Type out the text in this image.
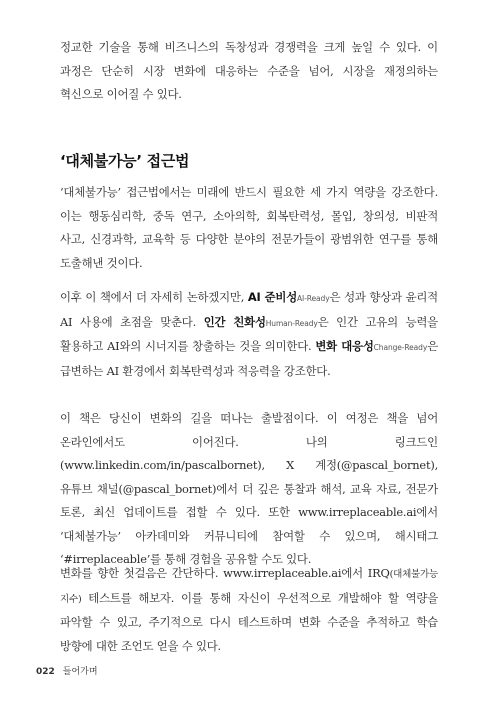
정교한 기술을 통해 비즈니스의 독창성과 경쟁력을 크게 높일 수 있다. 이 과정은 단순히 시장 변화에 대응하는 수준을 넘어, 시장을 재정의하는 혁신으로 이어질 수 있다.

‘대체불가능’ 접근법

‘대체불가능’ 접근법에서는 미래에 반드시 필요한 세 가지 역량을 강조한다. 이는 행동심리학, 중독 연구, 소아의학, 회복탄력성, 몰입, 창의성, 비판적 사고, 신경과학, 교육학 등 다양한 분야의 전문가들이 광범위한 연구를 통해 도출해낸 것이다.

이후 이 책에서 더 자세히 논하겠지만, AI 준비성AI-Ready은 성과 향상과 윤리적 AI 사용에 초점을 맞춘다. 인간 친화성Human-Ready은 인간 고유의 능력을 활용하고 AI와의 시너지를 창출하는 것을 의미한다. 변화 대응성Change-Ready은 급변하는 AI 환경에서 회복탄력성과 적응력을 강조한다.

이 책은 당신이 변화의 길을 떠나는 출발점이다. 이 여정은 책을 넘어 온라인에서도 이어진다. 나의 링크드인(www.linkedin.com/in/pascalbornet), X 계정(@pascal_bornet), 유튜브 채널(@pascal_bornet)에서 더 깊은 통찰과 해석, 교육 자료, 전문가 토론, 최신 업데이트를 접할 수 있다. 또한 www.irreplaceable.ai에서 ‘대체불가능’ 아카데미와 커뮤니티에 참여할 수 있으며, 해시태그 ‘#irreplaceable’를 통해 경험을 공유할 수도 있다.

변화를 향한 첫걸음은 간단하다. www.irreplaceable.ai에서 IRQ(대체불가능 지수) 테스트를 해보자. 이를 통해 자신이 우선적으로 개발해야 할 역량을 파악할 수 있고, 주기적으로 다시 테스트하며 변화 수준을 추적하고 학습 방향에 대한 조언도 얻을 수 있다.

022 들어가며
